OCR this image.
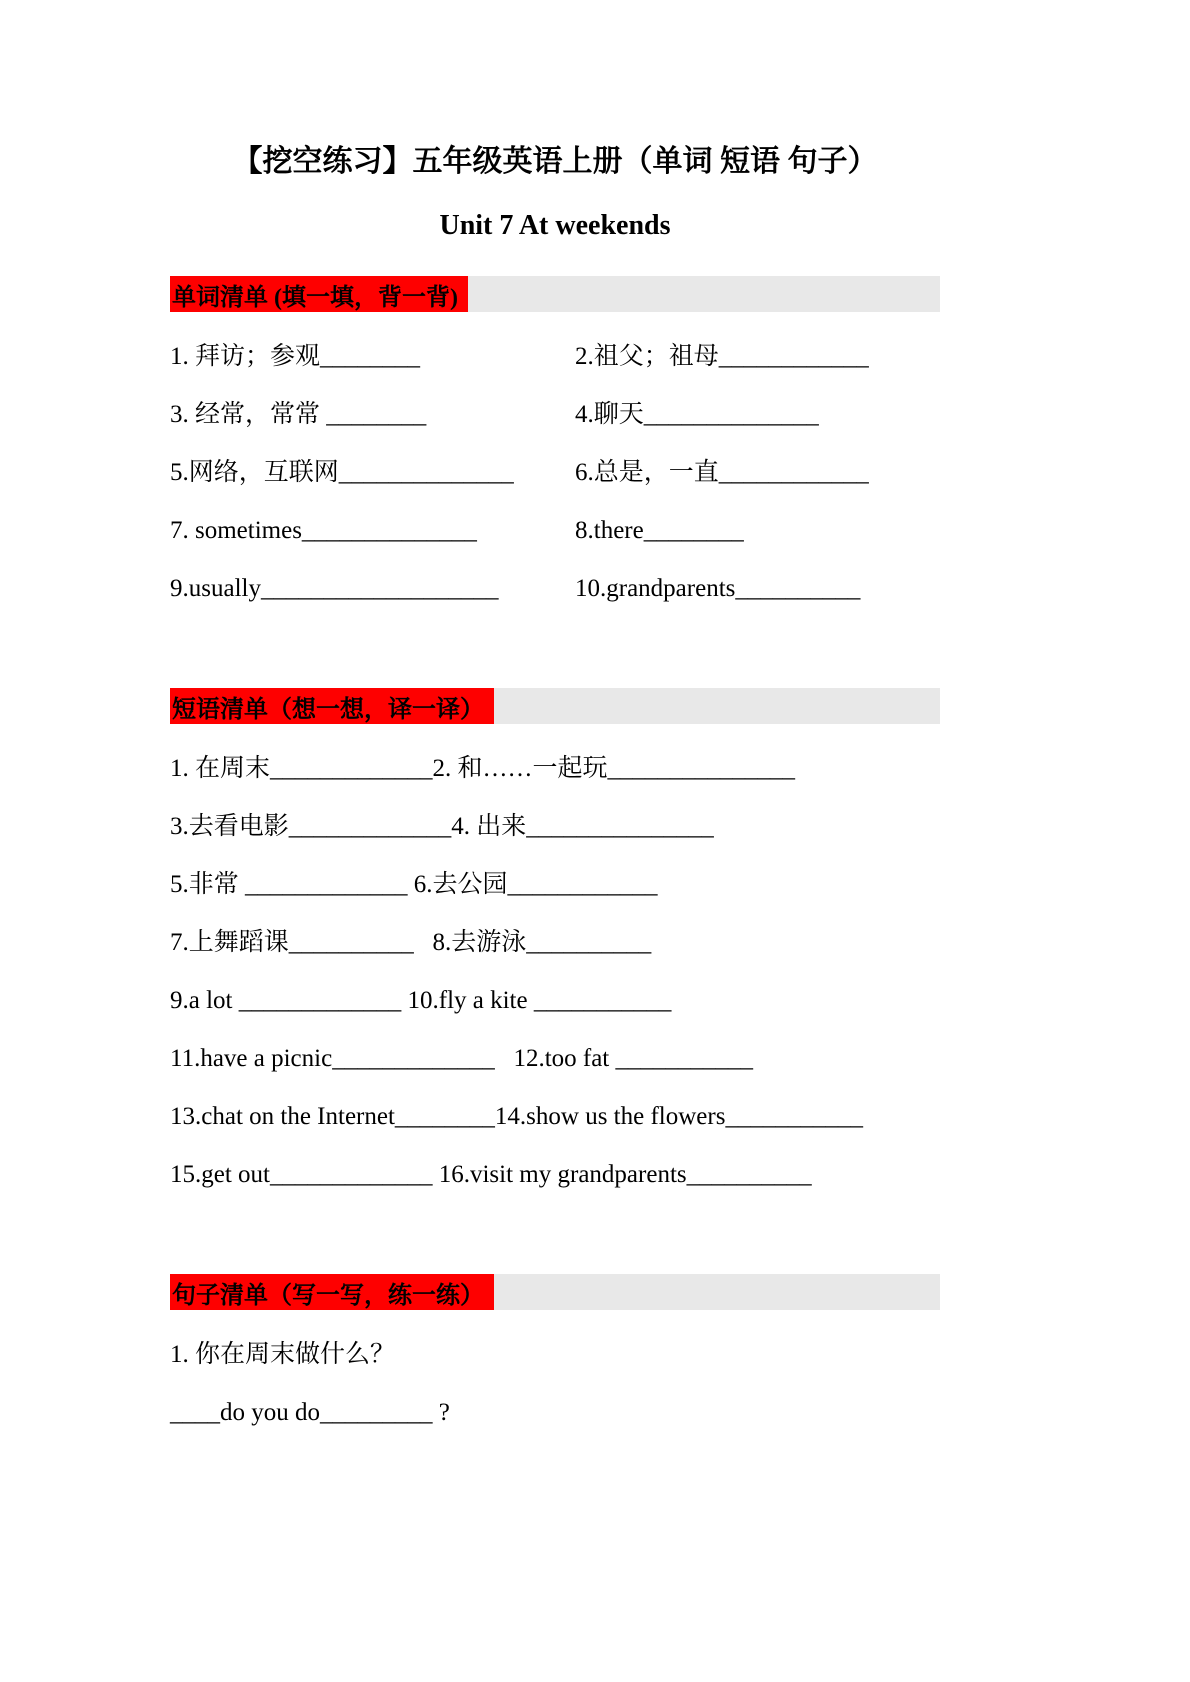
【挖空练习】五年级英语上册（单词 短语 句子）
Unit 7 At weekends
单词清单 (填一填，背一背)
1. 拜访；参观________	2.祖父；祖母____________
3. 经常，常常 ________	4.聊天______________
5.网络，互联网______________	6.总是，一直____________
7. sometimes______________	8.there________
9.usually___________________	10.grandparents__________
短语清单（想一想，译一译）
1. 在周末_____________2. 和……一起玩_______________
3.去看电影_____________4. 出来_______________
5.非常 _____________ 6.去公园____________
7.上舞蹈课__________   8.去游泳__________
9.a lot _____________ 10.fly a kite ___________
11.have a picnic_____________   12.too fat ___________
13.chat on the Internet________14.show us the flowers___________
15.get out_____________ 16.visit my grandparents__________
句子清单（写一写，练一练）
1. 你在周末做什么？
____do you do_________ ?
